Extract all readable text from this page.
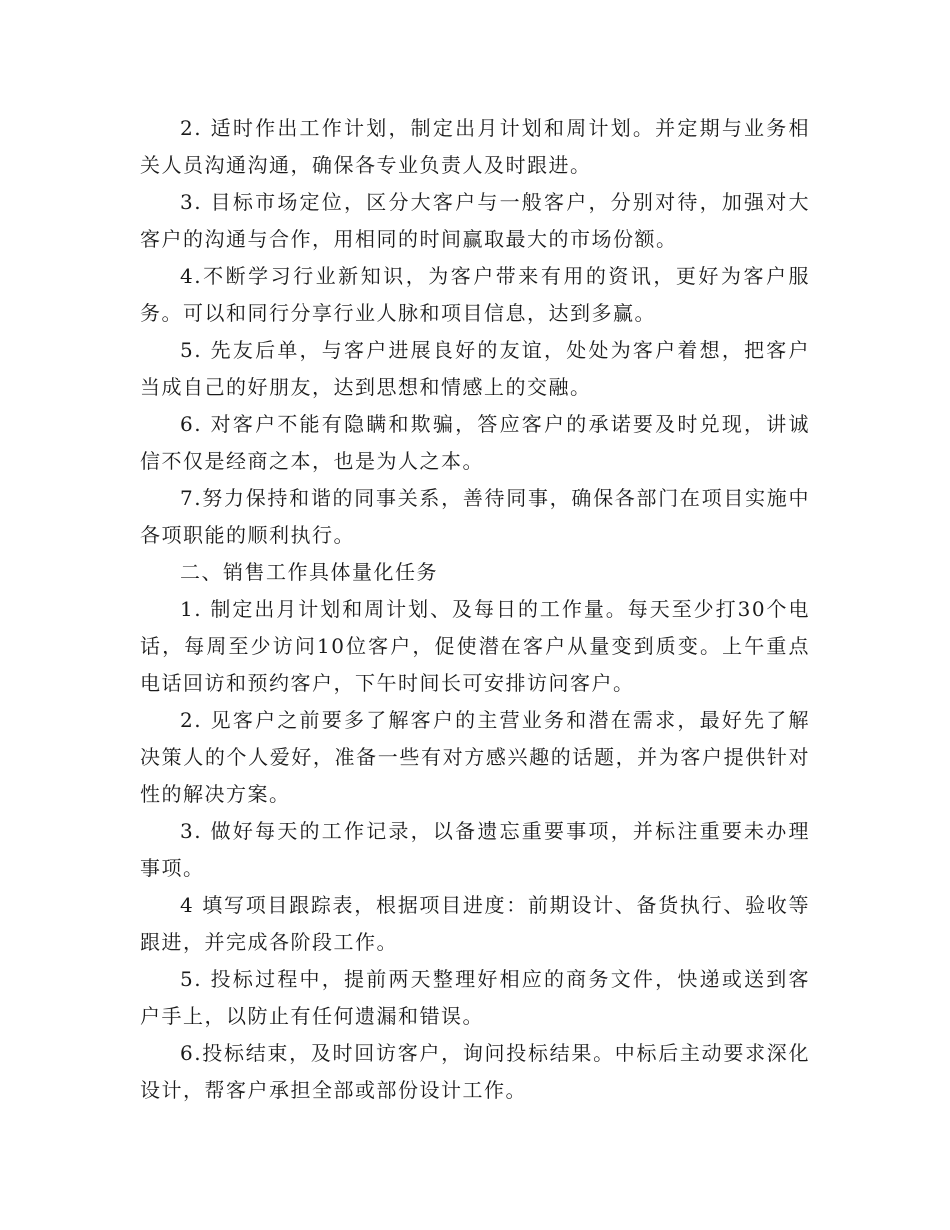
2. 适时作出工作计划，制定出月计划和周计划。并定期与业务相关人员沟通沟通，确保各专业负责人及时跟进。

3. 目标市场定位，区分大客户与一般客户，分别对待，加强对大客户的沟通与合作，用相同的时间赢取最大的市场份额。

4.不断学习行业新知识，为客户带来有用的资讯，更好为客户服务。可以和同行分享行业人脉和项目信息，达到多赢。

5. 先友后单，与客户进展良好的友谊，处处为客户着想，把客户当成自己的好朋友，达到思想和情感上的交融。

6. 对客户不能有隐瞒和欺骗，答应客户的承诺要及时兑现，讲诚信不仅是经商之本，也是为人之本。

7.努力保持和谐的同事关系，善待同事，确保各部门在项目实施中各项职能的顺利执行。

二、销售工作具体量化任务

1. 制定出月计划和周计划、及每日的工作量。每天至少打30个电话，每周至少访问10位客户，促使潜在客户从量变到质变。上午重点电话回访和预约客户，下午时间长可安排访问客户。

2. 见客户之前要多了解客户的主营业务和潜在需求，最好先了解决策人的个人爱好，准备一些有对方感兴趣的话题，并为客户提供针对性的解决方案。

3. 做好每天的工作记录，以备遗忘重要事项，并标注重要未办理事项。

4 填写项目跟踪表，根据项目进度：前期设计、备货执行、验收等跟进，并完成各阶段工作。

5. 投标过程中，提前两天整理好相应的商务文件，快递或送到客户手上，以防止有任何遗漏和错误。

6.投标结束，及时回访客户，询问投标结果。中标后主动要求深化设计，帮客户承担全部或部份设计工作。
